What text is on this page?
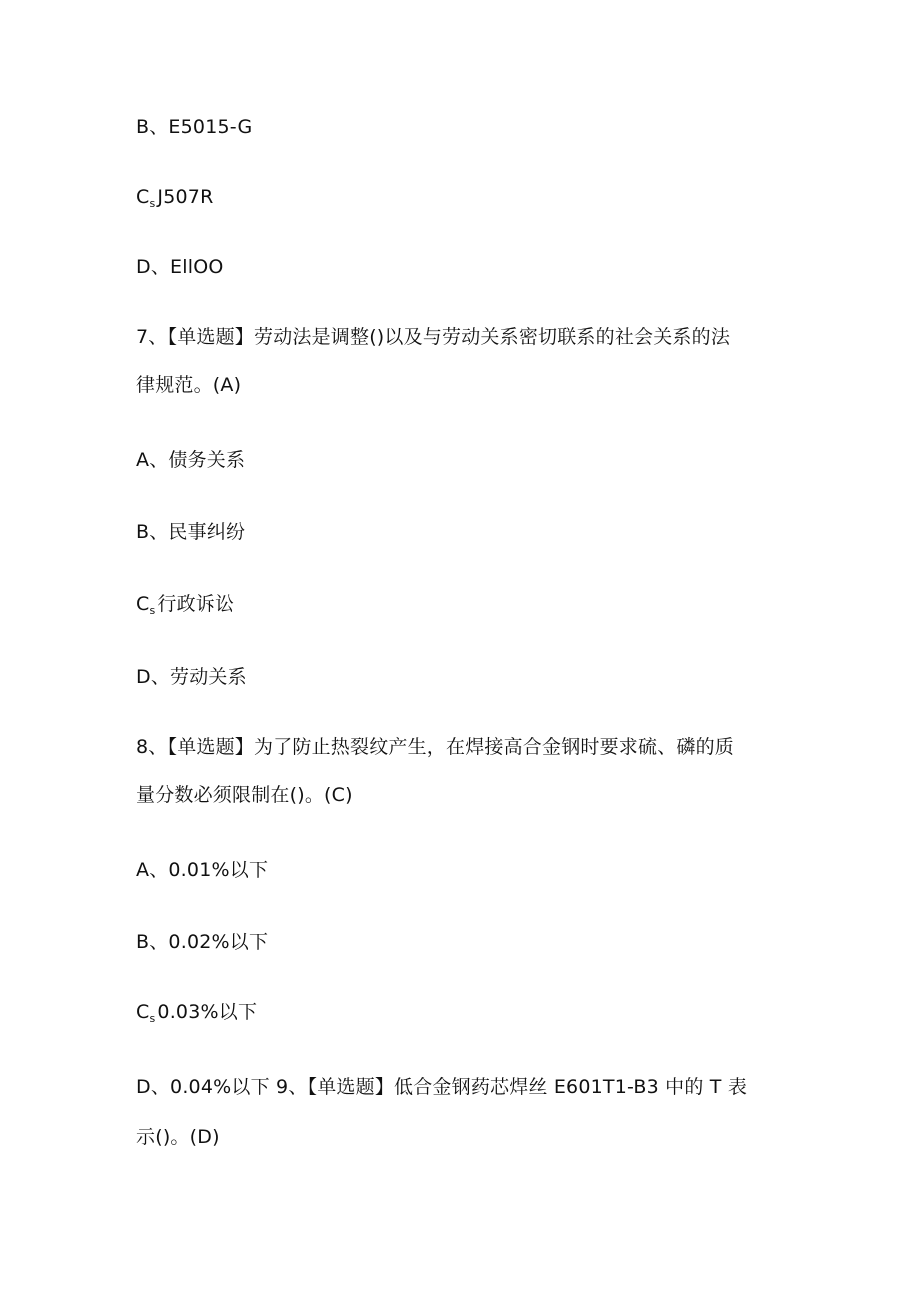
B、E5015-G
$C_s$ J507R
D、EllOO
7、【单选题】劳动法是调整()以及与劳动关系密切联系的社会关系的法
律规范。(A)
A、债务关系
B、民事纠纷
$C_s$ 行政诉讼
D、劳动关系
8、【单选题】为了防止热裂纹产生，在焊接高合金钢时要求硫、磷的质
量分数必须限制在()。(C)
A、0.01%以下
B、0.02%以下
$C_s$ 0.03%以下
D、0.04%以下 9、【单选题】低合金钢药芯焊丝 E601T1-B3 中的 T 表
示()。(D)
